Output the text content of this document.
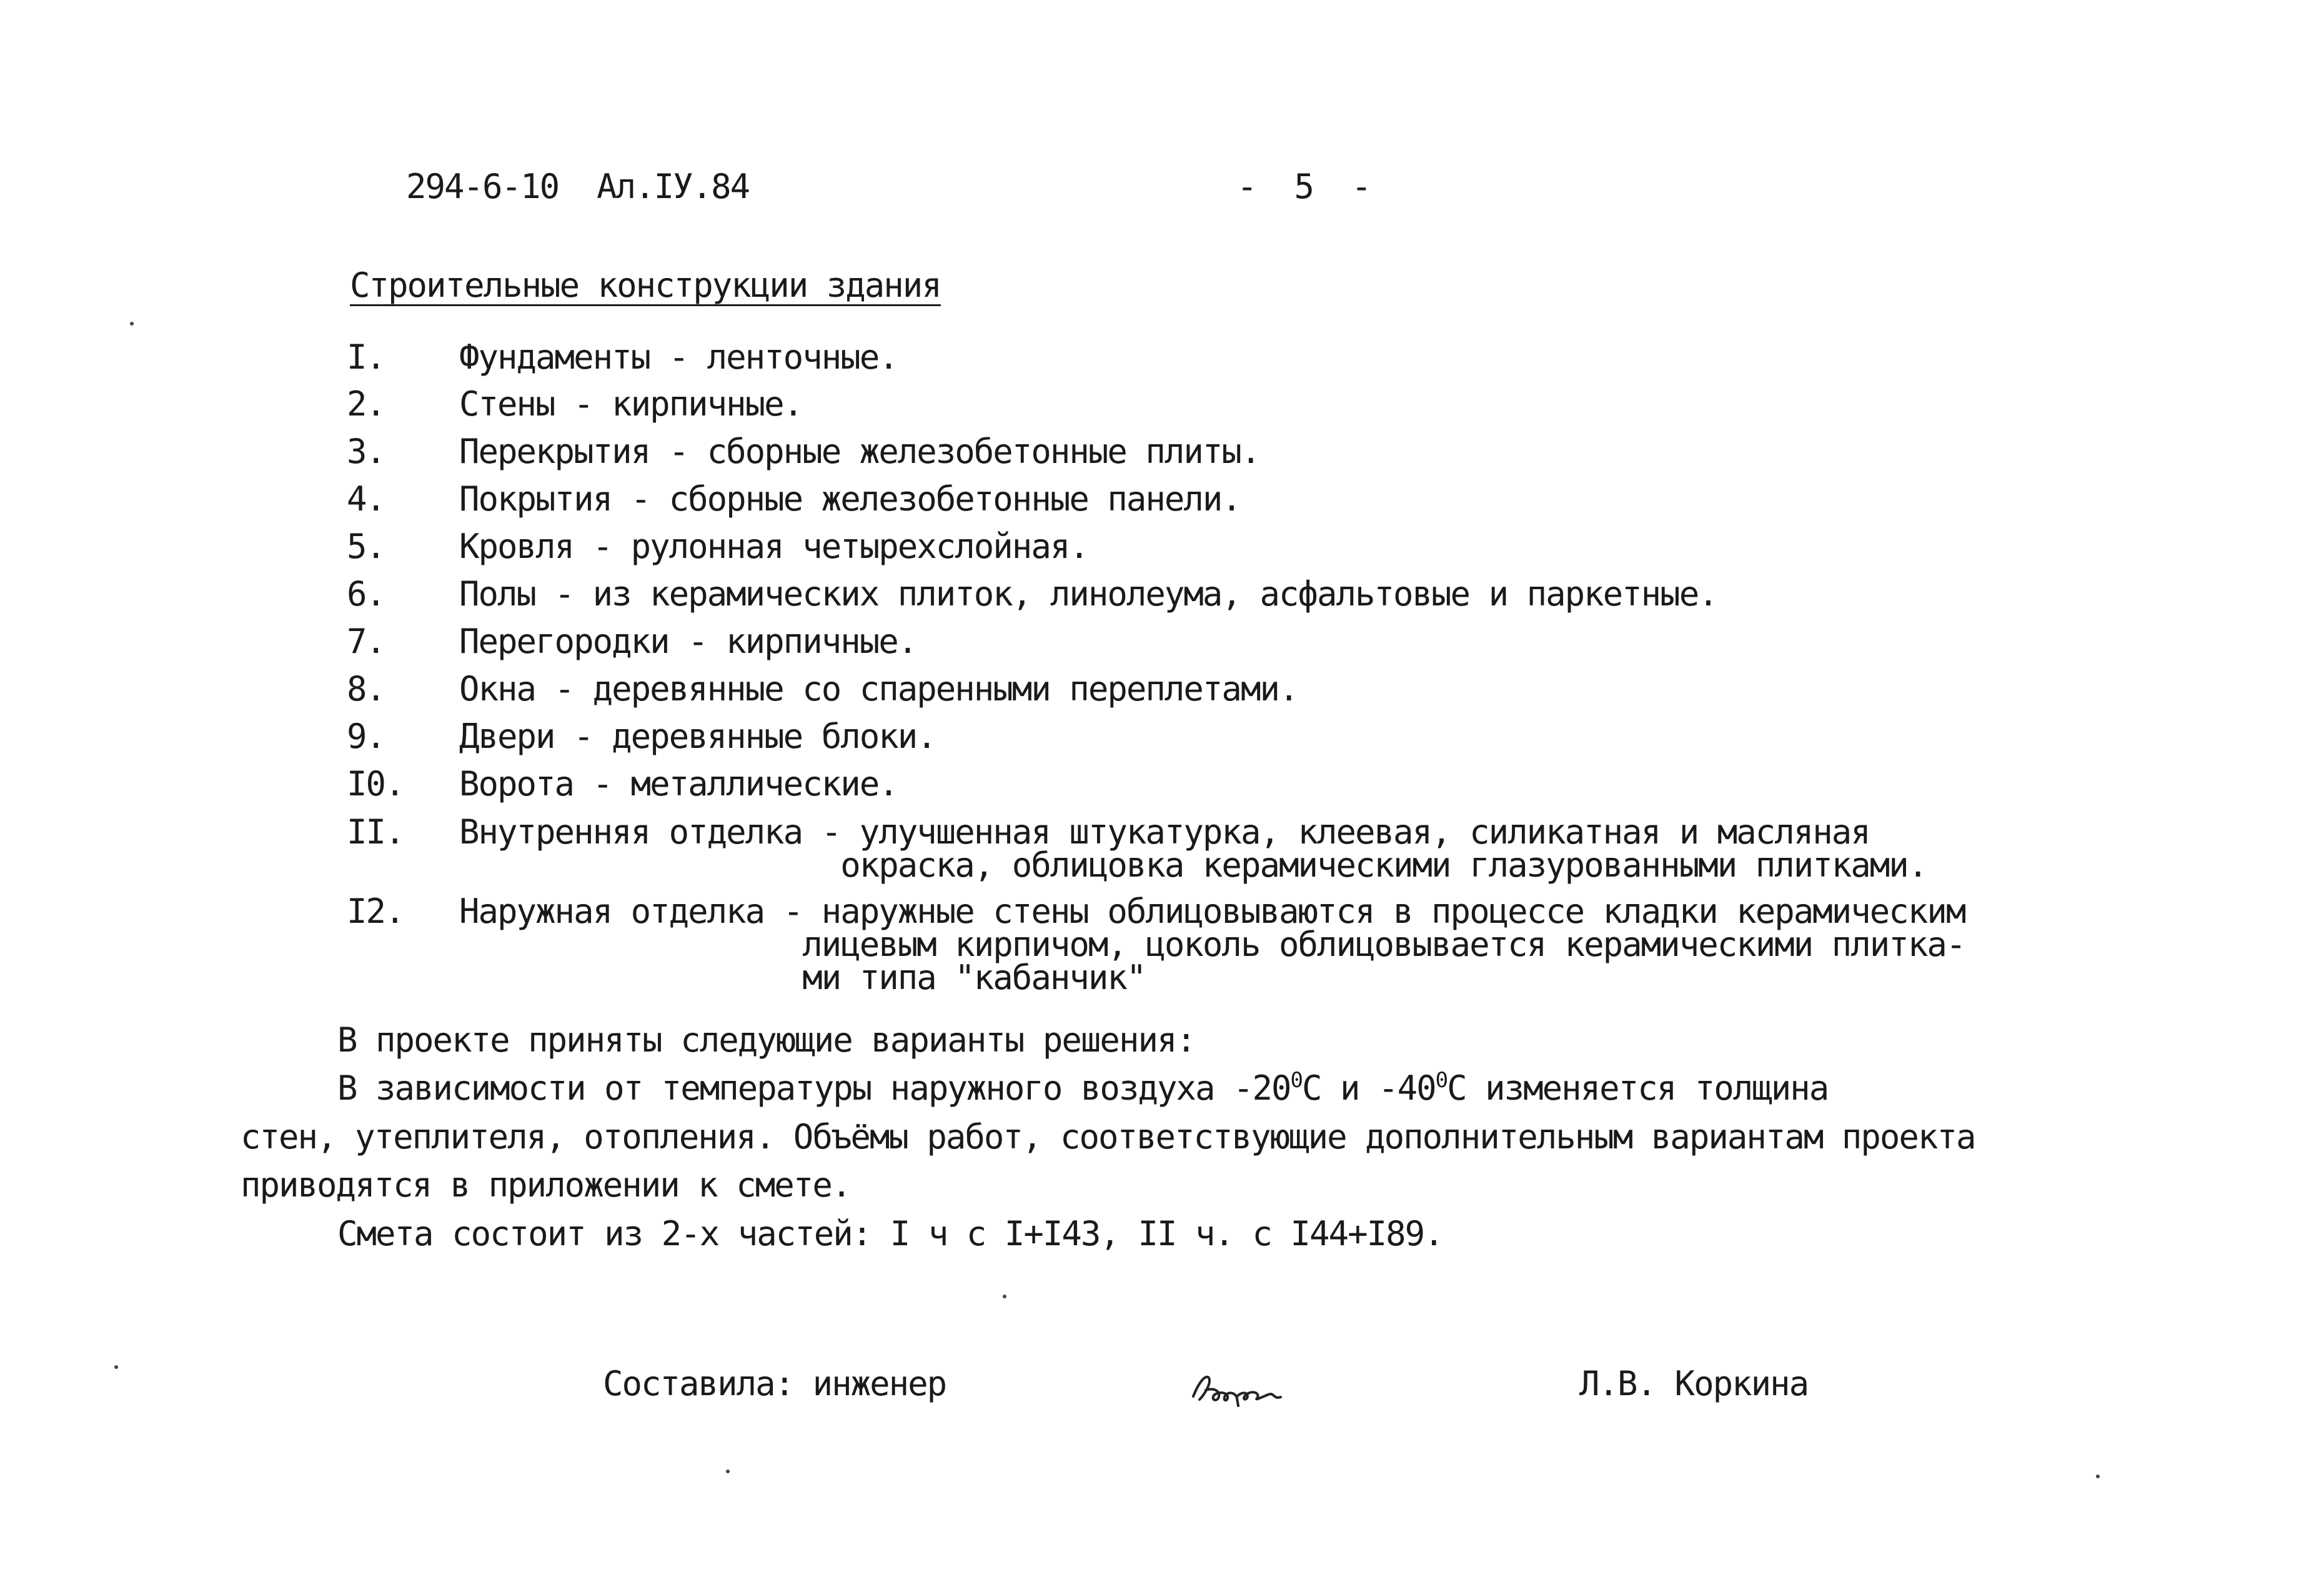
294-6-10  Ал.IУ.84	-  5  -
Строительные конструкции здания
I. Фундаменты - ленточные.
2. Стены - кирпичные.
3. Перекрытия - сборные железобетонные плиты.
4. Покрытия - сборные железобетонные панели.
5. Кровля - рулонная четырехслойная.
6. Полы - из керамических плиток, линолеума, асфальтовые и паркетные.
7. Перегородки - кирпичные.
8. Окна - деревянные со спаренными переплетами.
9. Двери - деревянные блоки.
I0. Ворота - металлические.
II. Внутренняя отделка - улучшенная штукатурка, клеевая, силикатная и масляная
окраска, облицовка керамическими глазурованными плитками.
I2. Наружная отделка - наружные стены облицовываются в процессе кладки керамическим
лицевым кирпичом, цоколь облицовывается керамическими плитка-
ми типа "кабанчик"
В проекте приняты следующие варианты решения:
В зависимости от температуры наружного воздуха $-20^0С$ и $-40^0С$ изменяется толщина
стен, утеплителя, отопления. Объёмы работ, соответствующие дополнительным вариантам проекта
приводятся в приложении к смете.
Смета состоит из 2-х частей: I ч с I+I43, II ч. с I44+I89.
Составила: инженер	Л.В. Коркина
